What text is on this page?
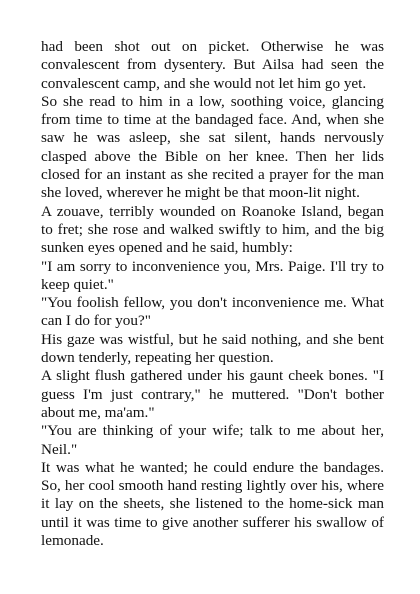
had been shot out on picket. Otherwise he was convalescent from dysentery. But Ailsa had seen the convalescent camp, and she would not let him go yet.

So she read to him in a low, soothing voice, glancing from time to time at the bandaged face. And, when she saw he was asleep, she sat silent, hands nervously clasped above the Bible on her knee. Then her lids closed for an instant as she recited a prayer for the man she loved, wherever he might be that moon-lit night.

A zouave, terribly wounded on Roanoke Island, began to fret; she rose and walked swiftly to him, and the big sunken eyes opened and he said, humbly:

"I am sorry to inconvenience you, Mrs. Paige. I'll try to keep quiet."

"You foolish fellow, you don't inconvenience me. What can I do for you?"

His gaze was wistful, but he said nothing, and she bent down tenderly, repeating her question.

A slight flush gathered under his gaunt cheek bones. "I guess I'm just contrary," he muttered. "Don't bother about me, ma'am."

"You are thinking of your wife; talk to me about her, Neil."

It was what he wanted; he could endure the bandages. So, her cool smooth hand resting lightly over his, where it lay on the sheets, she listened to the home-sick man until it was time to give another sufferer his swallow of lemonade.
